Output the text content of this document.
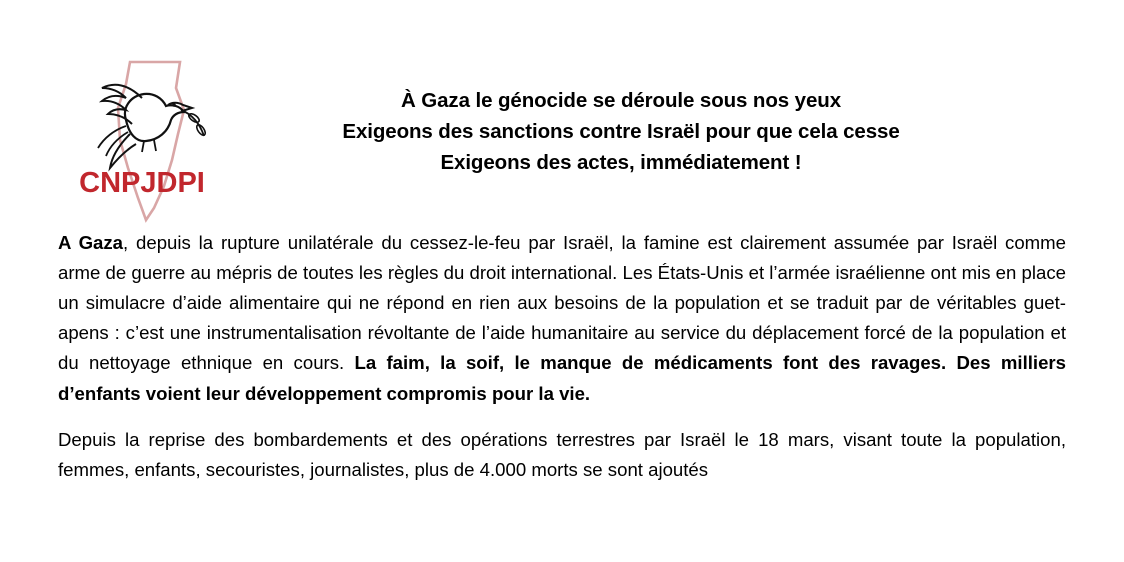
CNPJDPI
À Gaza le génocide se déroule sous nos yeux
Exigeons des sanctions contre Israël pour que cela cesse
Exigeons des actes, immédiatement !

A Gaza, depuis la rupture unilatérale du cessez-le-feu par Israël, la famine est clairement assumée par Israël comme arme de guerre au mépris de toutes les règles du droit international. Les États-Unis et l’armée israélienne ont mis en place un simulacre d’aide alimentaire qui ne répond en rien aux besoins de la population et se traduit par de véritables guet-apens : c’est une instrumentalisation révoltante de l’aide humanitaire au service du déplacement forcé de la population et du nettoyage ethnique en cours. La faim, la soif, le manque de médicaments font des ravages. Des milliers d’enfants voient leur développement compromis pour la vie.

Depuis la reprise des bombardements et des opérations terrestres par Israël le 18 mars, visant toute la population, femmes, enfants, secouristes, journalistes, plus de 4.000 morts se sont ajoutés
